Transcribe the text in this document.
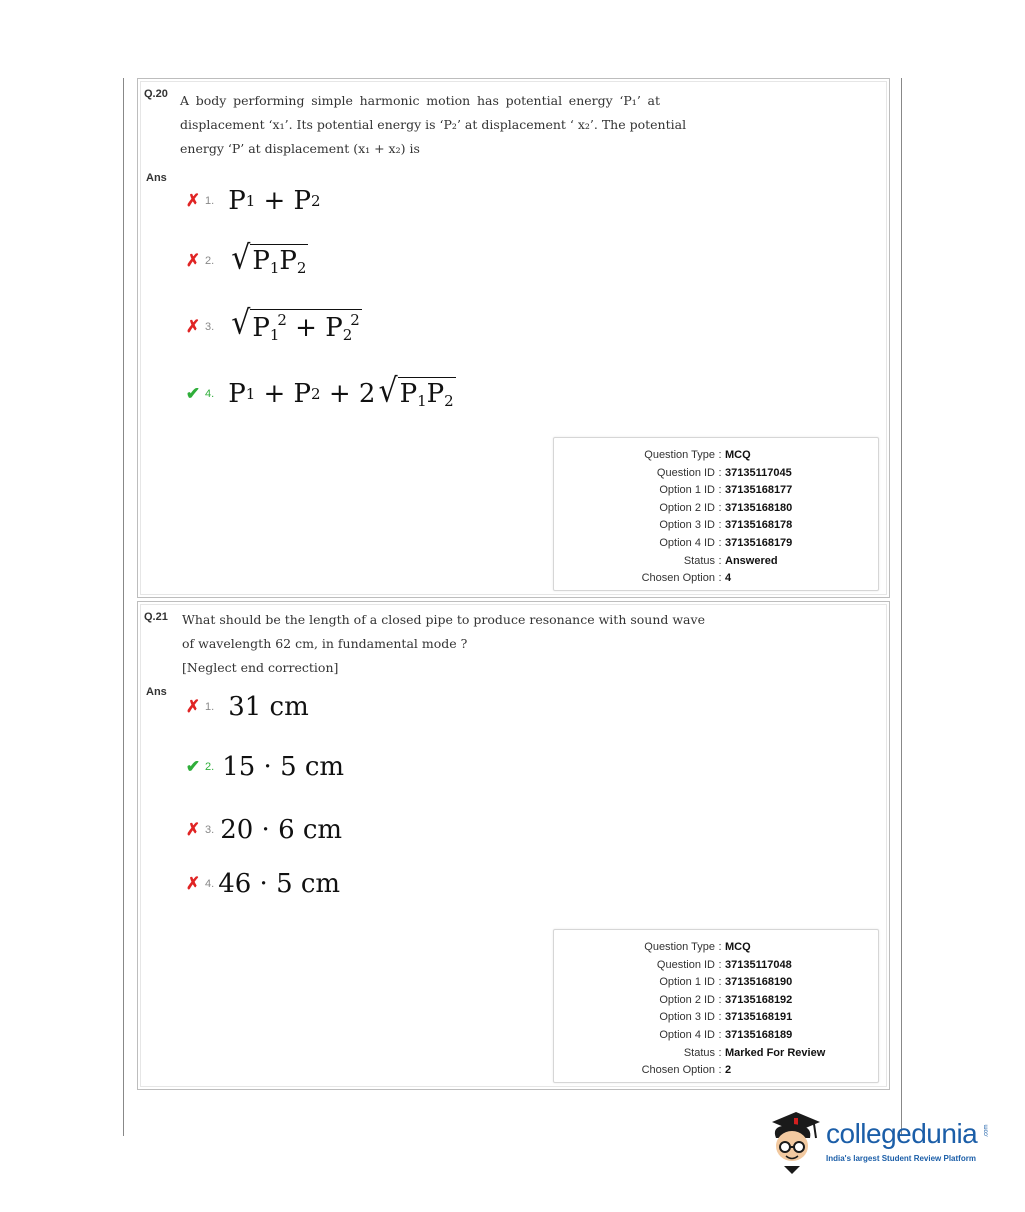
Q.20 A body performing simple harmonic motion has potential energy ‘P₁’ at

displacement ‘x₁’. Its potential energy is ‘P₂’ at displacement ‘ x₂’. The potential

energy ‘P’ at displacement (x₁ + x₂) is

Ans
✗ 1. P 1 + P 2
✗ 2. √ $P_1P_2$
✗ 3. √ $P_1^2 + P_2^2$
✔ 4. P 1 + P 2 + 2 √ $P_1P_2$
Question Type : MCQ
Question ID : 37135117045
Option 1 ID : 37135168177
Option 2 ID : 37135168180
Option 3 ID : 37135168178
Option 4 ID : 37135168179
Status : Answered
Chosen Option : 4
Q.21 What should be the length of a closed pipe to produce resonance with sound wave

of wavelength 62 cm, in fundamental mode ?

[Neglect end correction]

Ans
✗ 1. 31 cm
✔ 2. 15 · 5 cm
✗ 3. 20 · 6 cm
✗ 4. 46 · 5 cm
Question Type : MCQ
Question ID : 37135117048
Option 1 ID : 37135168190
Option 2 ID : 37135168192
Option 3 ID : 37135168191
Option 4 ID : 37135168189
Status : Marked For Review
Chosen Option : 2
collegedunia .com
India's largest Student Review Platform
